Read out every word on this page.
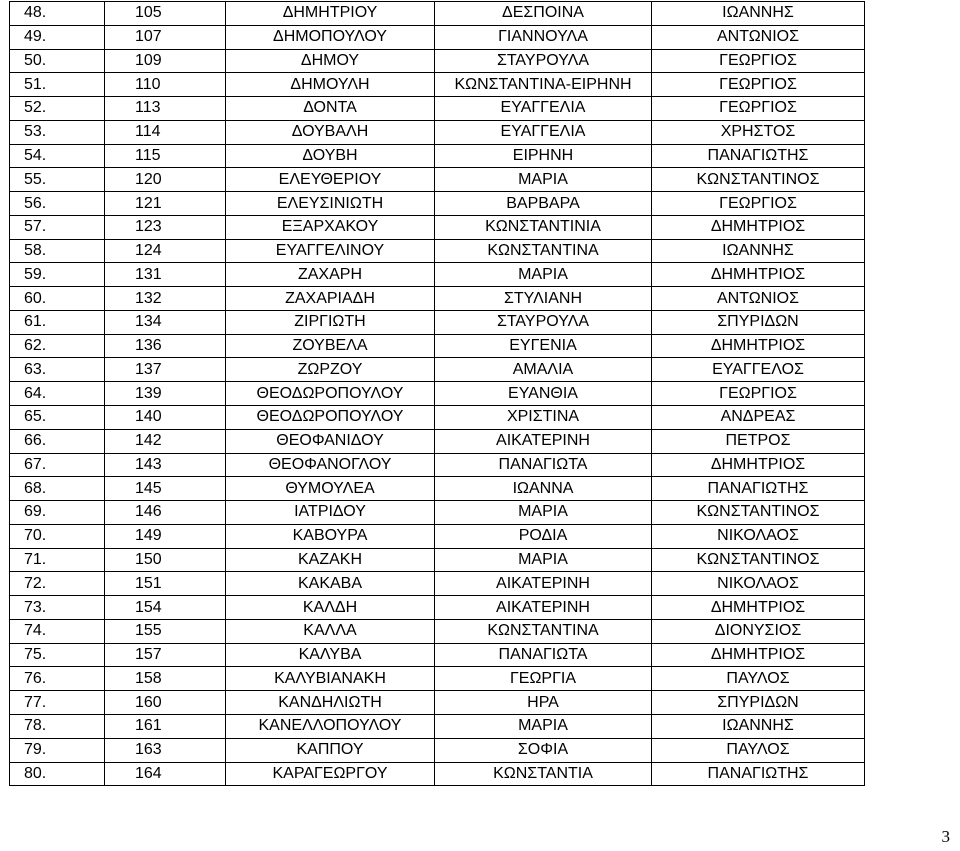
48.	105	ΔΗΜΗΤΡΙΟΥ	ΔΕΣΠΟΙΝΑ	ΙΩΑΝΝΗΣ
49.	107	ΔΗΜΟΠΟΥΛΟΥ	ΓΙΑΝΝΟΥΛΑ	ΑΝΤΩΝΙΟΣ
50.	109	ΔΗΜΟΥ	ΣΤΑΥΡΟΥΛΑ	ΓΕΩΡΓΙΟΣ
51.	110	ΔΗΜΟΥΛΗ	ΚΩΝΣΤΑΝΤΙΝΑ-ΕΙΡΗΝΗ	ΓΕΩΡΓΙΟΣ
52.	113	ΔΟΝΤΑ	ΕΥΑΓΓΕΛΙΑ	ΓΕΩΡΓΙΟΣ
53.	114	ΔΟΥΒΑΛΗ	ΕΥΑΓΓΕΛΙΑ	ΧΡΗΣΤΟΣ
54.	115	ΔΟΥΒΗ	ΕΙΡΗΝΗ	ΠΑΝΑΓΙΩΤΗΣ
55.	120	ΕΛΕΥΘΕΡΙΟΥ	ΜΑΡΙΑ	ΚΩΝΣΤΑΝΤΙΝΟΣ
56.	121	ΕΛΕΥΣΙΝΙΩΤΗ	ΒΑΡΒΑΡΑ	ΓΕΩΡΓΙΟΣ
57.	123	ΕΞΑΡΧΑΚΟΥ	ΚΩΝΣΤΑΝΤΙΝΙΑ	ΔΗΜΗΤΡΙΟΣ
58.	124	ΕΥΑΓΓΕΛΙΝΟΥ	ΚΩΝΣΤΑΝΤΙΝΑ	ΙΩΑΝΝΗΣ
59.	131	ΖΑΧΑΡΗ	ΜΑΡΙΑ	ΔΗΜΗΤΡΙΟΣ
60.	132	ΖΑΧΑΡΙΑΔΗ	ΣΤΥΛΙΑΝΗ	ΑΝΤΩΝΙΟΣ
61.	134	ΖΙΡΓΙΩΤΗ	ΣΤΑΥΡΟΥΛΑ	ΣΠΥΡΙΔΩΝ
62.	136	ΖΟΥΒΕΛΑ	ΕΥΓΕΝΙΑ	ΔΗΜΗΤΡΙΟΣ
63.	137	ΖΩΡΖΟΥ	ΑΜΑΛΙΑ	ΕΥΑΓΓΕΛΟΣ
64.	139	ΘΕΟΔΩΡΟΠΟΥΛΟΥ	ΕΥΑΝΘΙΑ	ΓΕΩΡΓΙΟΣ
65.	140	ΘΕΟΔΩΡΟΠΟΥΛΟΥ	ΧΡΙΣΤΙΝΑ	ΑΝΔΡΕΑΣ
66.	142	ΘΕΟΦΑΝΙΔΟΥ	ΑΙΚΑΤΕΡΙΝΗ	ΠΕΤΡΟΣ
67.	143	ΘΕΟΦΑΝΟΓΛΟΥ	ΠΑΝΑΓΙΩΤΑ	ΔΗΜΗΤΡΙΟΣ
68.	145	ΘΥΜΟΥΛΕΑ	ΙΩΑΝΝΑ	ΠΑΝΑΓΙΩΤΗΣ
69.	146	ΙΑΤΡΙΔΟΥ	ΜΑΡΙΑ	ΚΩΝΣΤΑΝΤΙΝΟΣ
70.	149	ΚΑΒΟΥΡΑ	ΡΟΔΙΑ	ΝΙΚΟΛΑΟΣ
71.	150	ΚΑΖΑΚΗ	ΜΑΡΙΑ	ΚΩΝΣΤΑΝΤΙΝΟΣ
72.	151	ΚΑΚΑΒΑ	ΑΙΚΑΤΕΡΙΝΗ	ΝΙΚΟΛΑΟΣ
73.	154	ΚΑΛΔΗ	ΑΙΚΑΤΕΡΙΝΗ	ΔΗΜΗΤΡΙΟΣ
74.	155	ΚΑΛΛΑ	ΚΩΝΣΤΑΝΤΙΝΑ	ΔΙΟΝΥΣΙΟΣ
75.	157	ΚΑΛΥΒΑ	ΠΑΝΑΓΙΩΤΑ	ΔΗΜΗΤΡΙΟΣ
76.	158	ΚΑΛΥΒΙΑΝΑΚΗ	ΓΕΩΡΓΙΑ	ΠΑΥΛΟΣ
77.	160	ΚΑΝΔΗΛΙΩΤΗ	ΗΡΑ	ΣΠΥΡΙΔΩΝ
78.	161	ΚΑΝΕΛΛΟΠΟΥΛΟΥ	ΜΑΡΙΑ	ΙΩΑΝΝΗΣ
79.	163	ΚΑΠΠΟΥ	ΣΟΦΙΑ	ΠΑΥΛΟΣ
80.	164	ΚΑΡΑΓΕΩΡΓΟΥ	ΚΩΝΣΤΑΝΤΙΑ	ΠΑΝΑΓΙΩΤΗΣ
3
